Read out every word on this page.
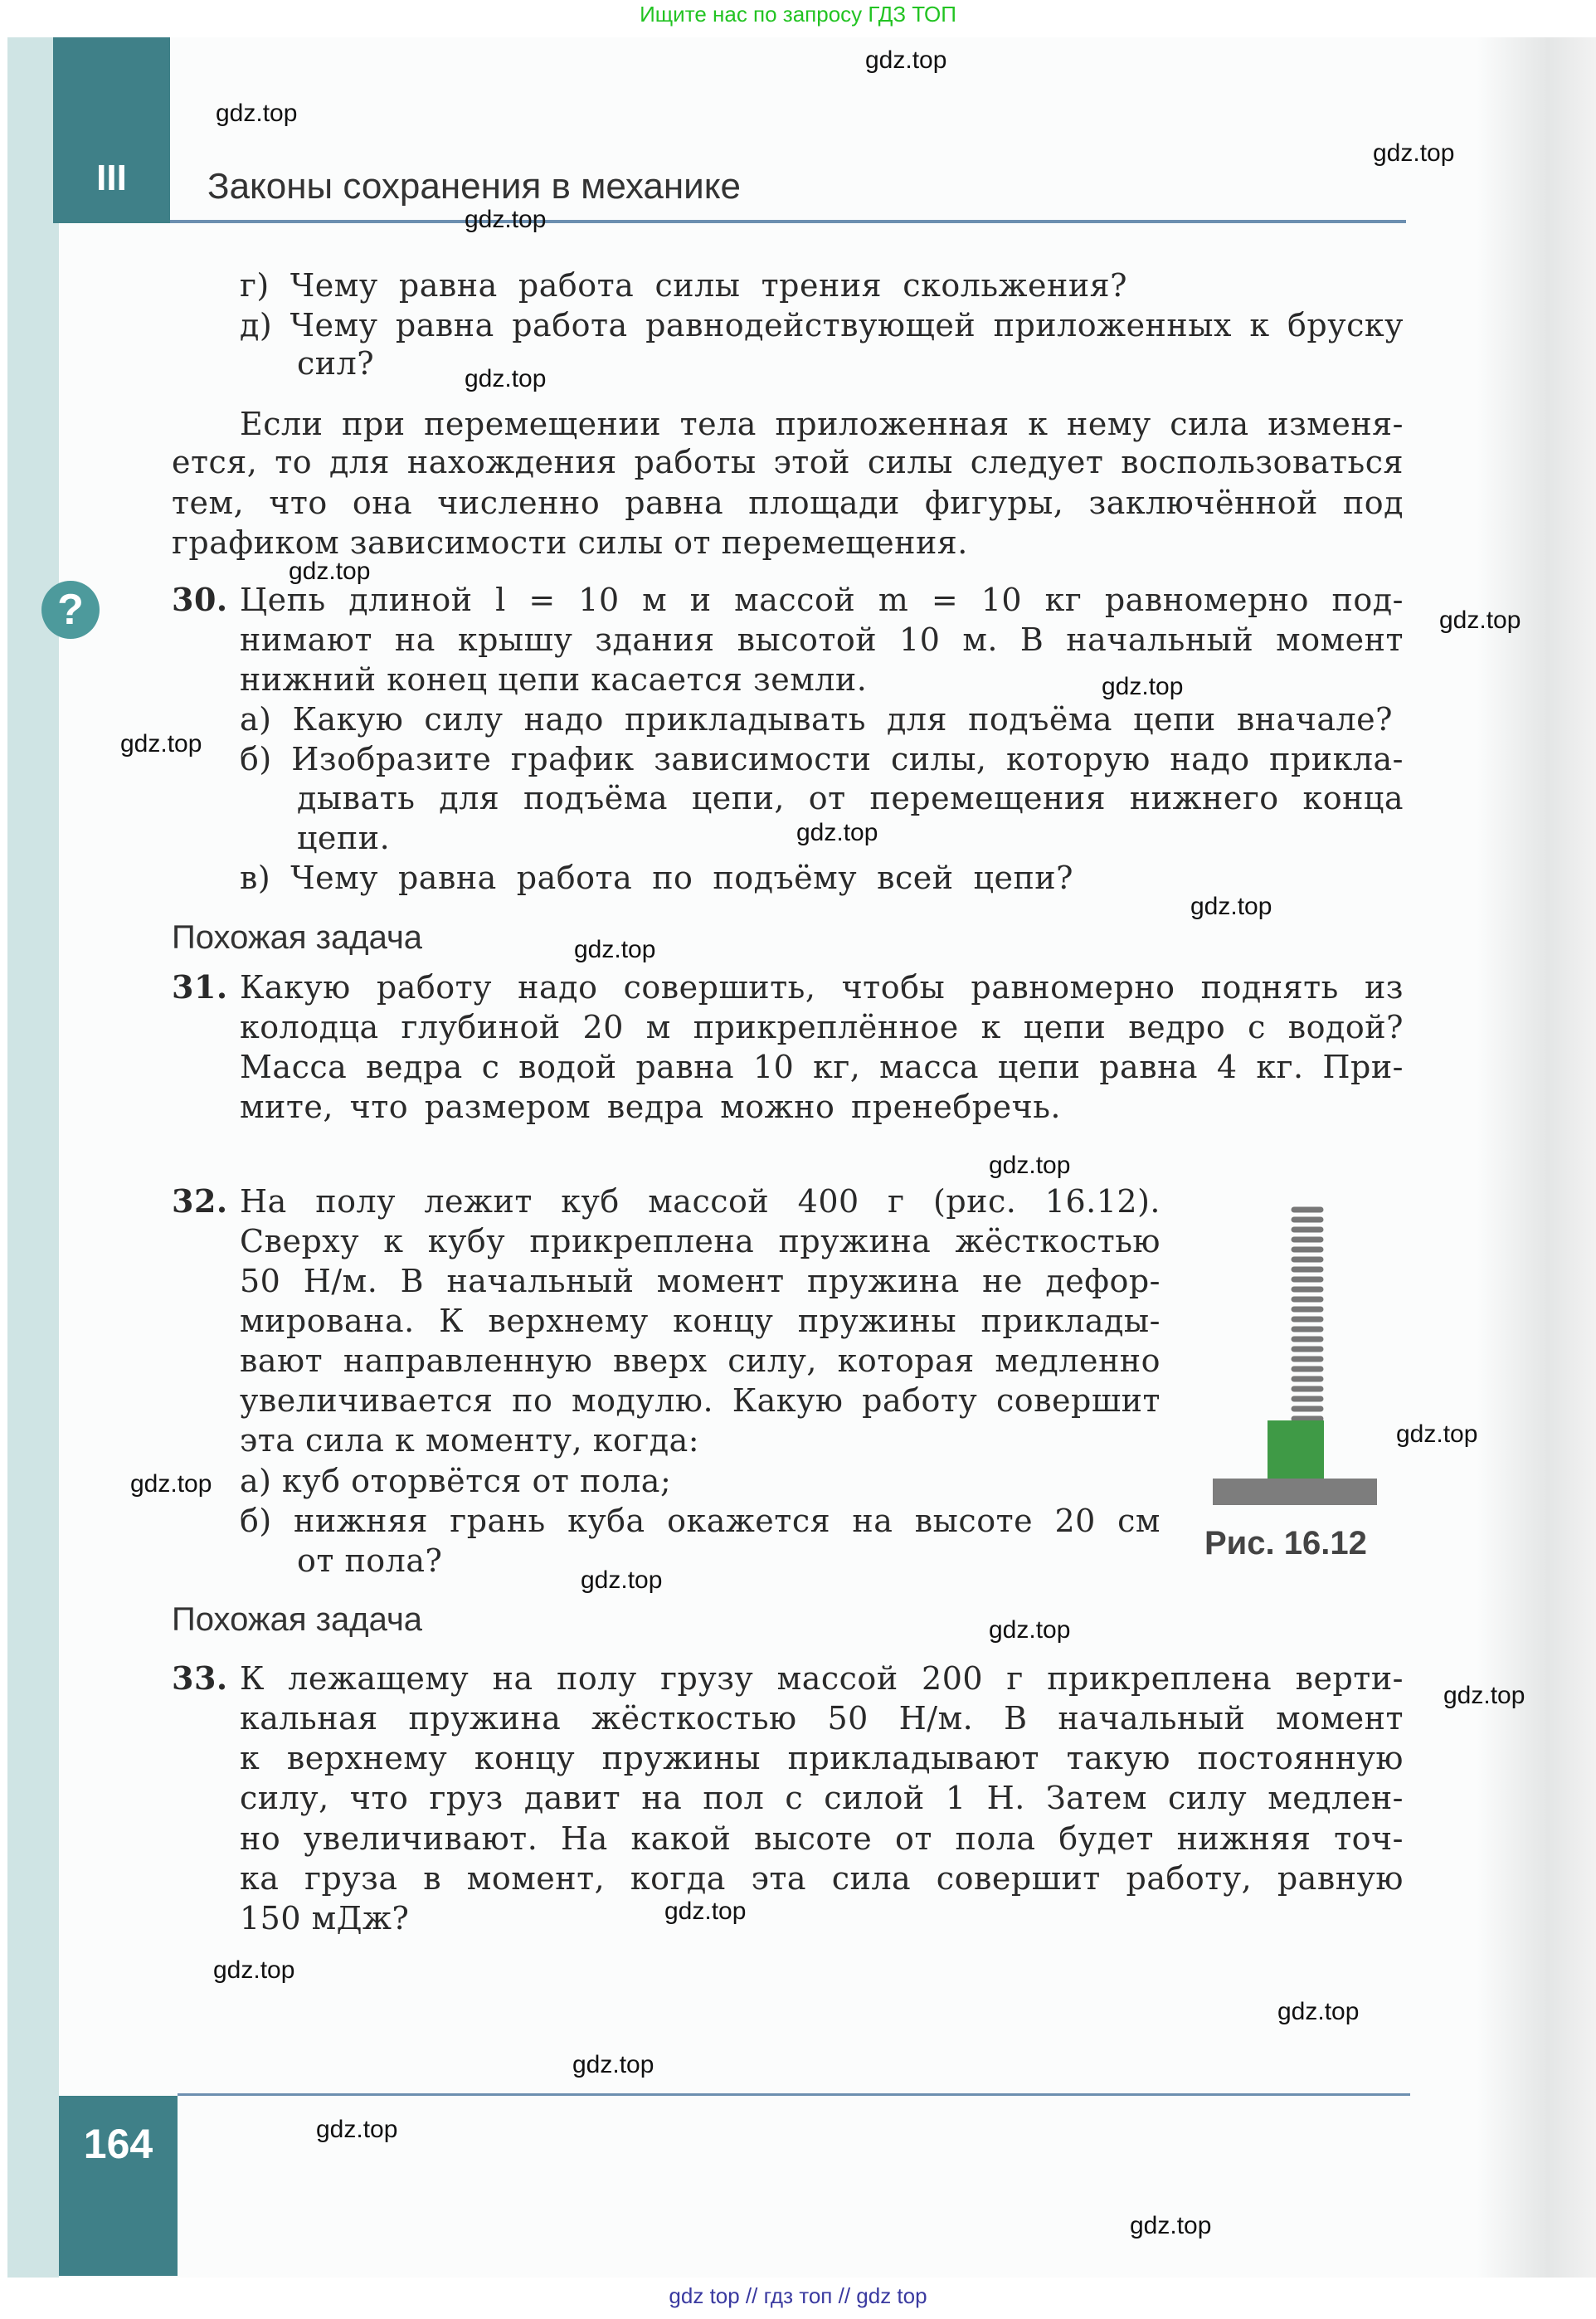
Ищите нас по запросу ГДЗ ТОП
III	Законы сохранения в механике
?
г) Чему равна работа силы трения скольжения?
д) Чему равна работа равнодействующей приложенных к бруску
сил?
Если при перемещении тела приложенная к нему сила изменя-
ется, то для нахождения работы этой силы следует воспользоваться
тем, что она численно равна площади фигуры, заключённой под
графиком зависимости силы от перемещения.
30. Цепь длиной l = 10 м и массой m = 10 кг равномерно под-
нимают на крышу здания высотой 10 м. В начальный момент
нижний конец цепи касается земли.
а) Какую силу надо прикладывать для подъёма цепи вначале?
б) Изобразите график зависимости силы, которую надо прикла-
дывать для подъёма цепи, от перемещения нижнего конца
цепи.
в) Чему равна работа по подъёму всей цепи?
Похожая задача
31. Какую работу надо совершить, чтобы равномерно поднять из
колодца глубиной 20 м прикреплённое к цепи ведро с водой?
Масса ведра с водой равна 10 кг, масса цепи равна 4 кг. При-
мите, что размером ведра можно пренебречь.
32. На полу лежит куб массой 400 г (рис. 16.12).
Сверху к кубу прикреплена пружина жёсткостью
50 Н/м. В начальный момент пружина не дефор-
мирована. К верхнему концу пружины приклады-
вают направленную вверх силу, которая медленно
увеличивается по модулю. Какую работу совершит
эта сила к моменту, когда:
а) куб оторвётся от пола;
б) нижняя грань куба окажется на высоте 20 см
от пола?	Рис. 16.12
Похожая задача
33. К лежащему на полу грузу массой 200 г прикреплена верти-
кальная пружина жёсткостью 50 Н/м. В начальный момент
к верхнему концу пружины прикладывают такую постоянную
силу, что груз давит на пол с силой 1 Н. Затем силу медлен-
но увеличивают. На какой высоте от пола будет нижняя точ-
ка груза в момент, когда эта сила совершит работу, равную
150 мДж?
164
gdz.top
gdz.top
gdz.top
gdz.top
gdz.top
gdz.top
gdz.top
gdz.top
gdz.top
gdz.top
gdz.top
gdz.top
gdz.top
gdz.top
gdz.top
gdz.top
gdz.top
gdz.top
gdz.top
gdz.top
gdz.top
gdz.top
gdz.top
gdz.top
gdz top // гдз топ // gdz top
